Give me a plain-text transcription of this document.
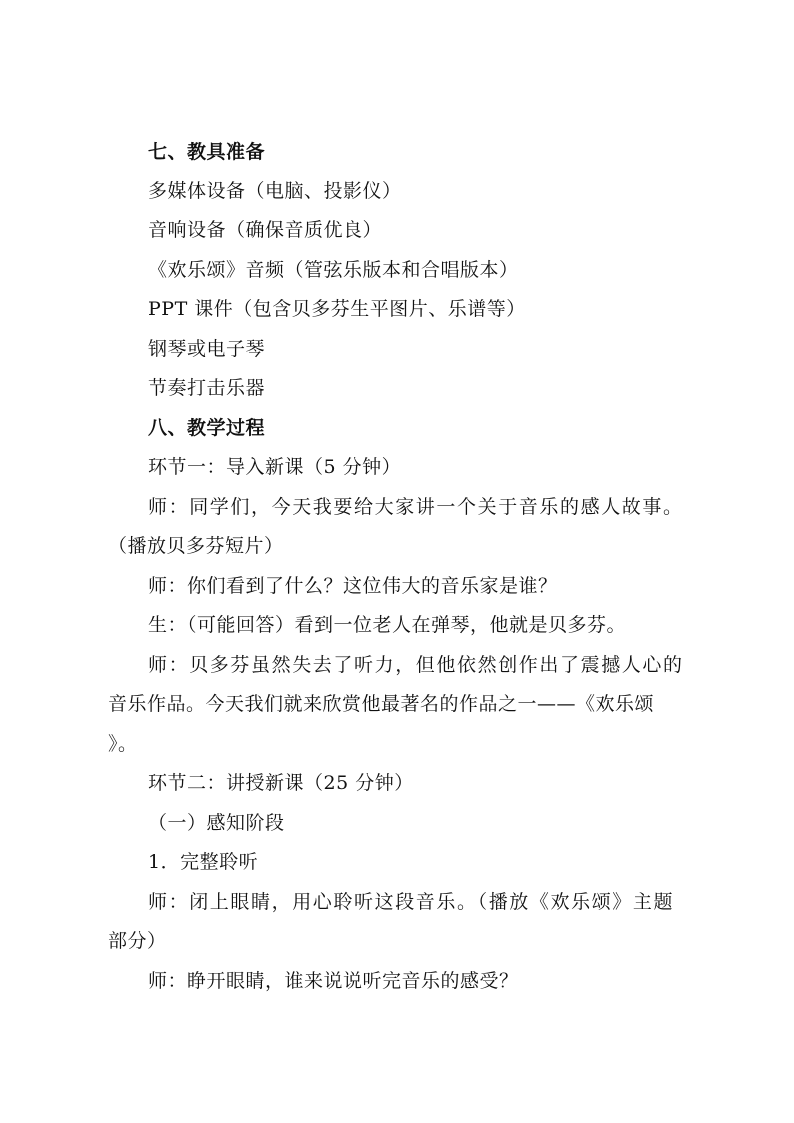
七、教具准备
多媒体设备（电脑、投影仪）
音响设备（确保音质优良）
《欢乐颂》音频（管弦乐版本和合唱版本）
PPT 课件（包含贝多芬生平图片、乐谱等）
钢琴或电子琴
节奏打击乐器
八、教学过程
环节一：导入新课（5 分钟）
师：同学们，今天我要给大家讲一个关于音乐的感人故事。
（播放贝多芬短片）
师：你们看到了什么？这位伟大的音乐家是谁？
生：（可能回答）看到一位老人在弹琴，他就是贝多芬。
师：贝多芬虽然失去了听力，但他依然创作出了震撼人心的
音乐作品。今天我们就来欣赏他最著名的作品之一——《欢乐颂
》。
环节二：讲授新课（25 分钟）
（一）感知阶段
1．完整聆听
师：闭上眼睛，用心聆听这段音乐。（播放《欢乐颂》主题
部分）
师：睁开眼睛，谁来说说听完音乐的感受？
